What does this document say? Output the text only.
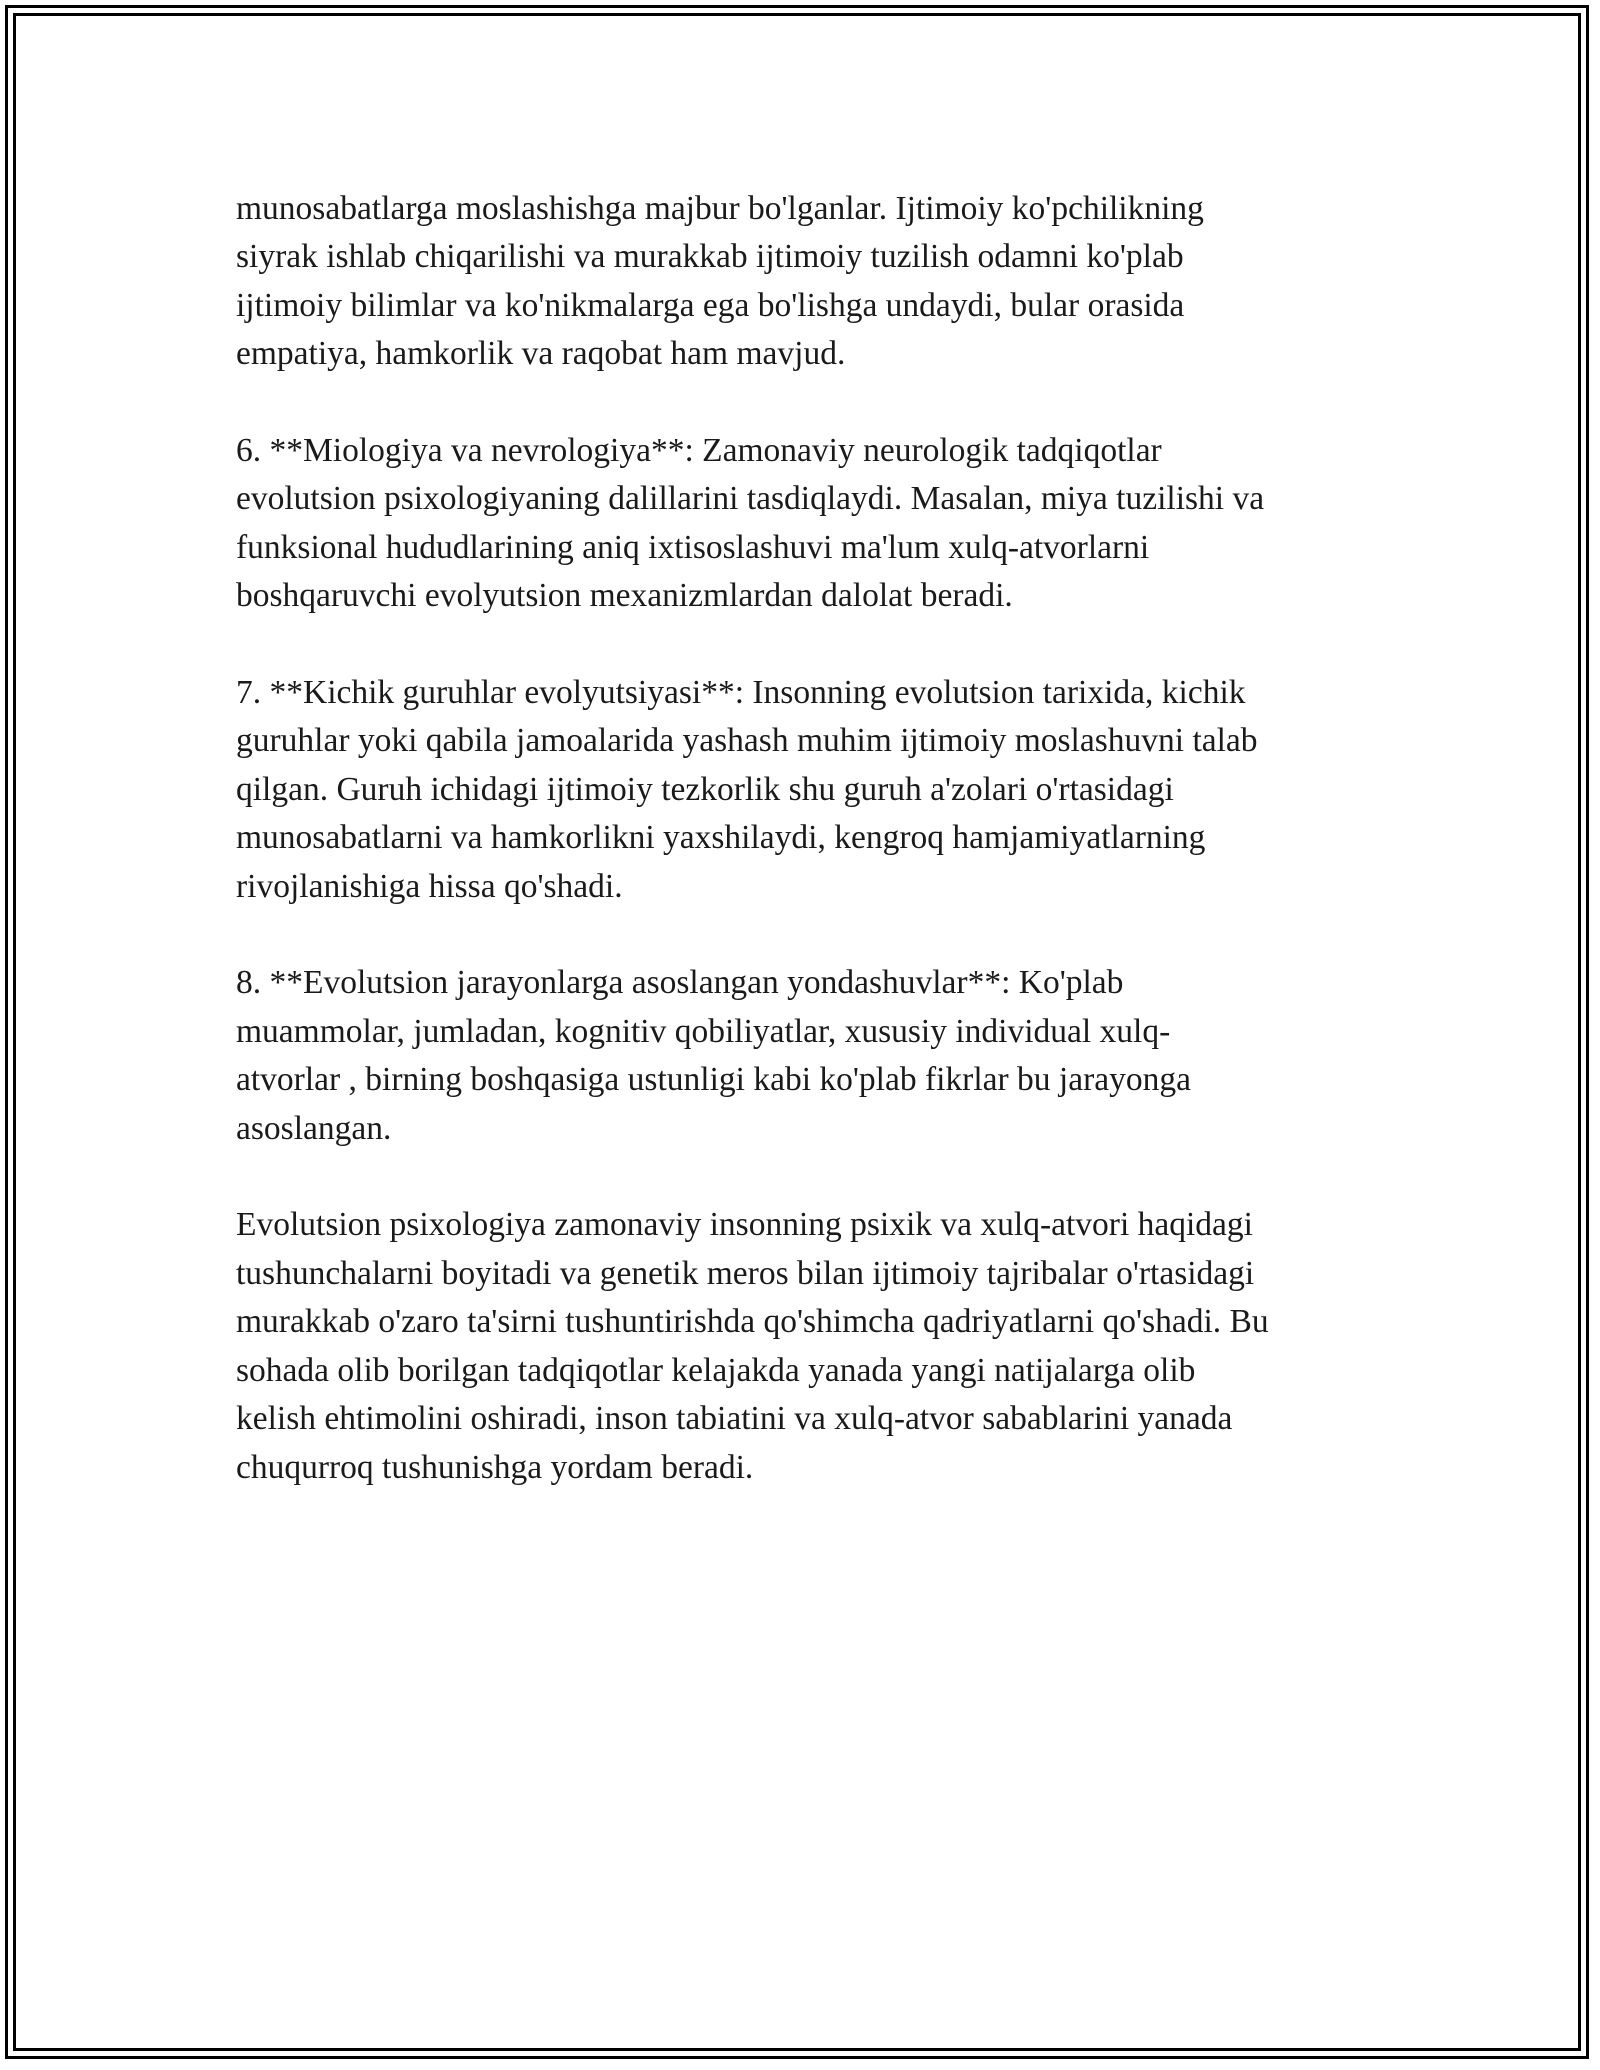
munosabatlarga moslashishga majbur bo'lganlar. Ijtimoiy ko'pchilikning
siyrak ishlab chiqarilishi va murakkab ijtimoiy tuzilish odamni ko'plab
ijtimoiy bilimlar va ko'nikmalarga ega bo'lishga undaydi, bular orasida
empatiya, hamkorlik va raqobat ham mavjud.

6. **Miologiya va nevrologiya**: Zamonaviy neurologik tadqiqotlar
evolutsion psixologiyaning dalillarini tasdiqlaydi. Masalan, miya tuzilishi va
funksional hududlarining aniq ixtisoslashuvi ma'lum xulq-atvorlarni
boshqaruvchi evolyutsion mexanizmlardan dalolat beradi.

7. **Kichik guruhlar evolyutsiyasi**: Insonning evolutsion tarixida, kichik
guruhlar yoki qabila jamoalarida yashash muhim ijtimoiy moslashuvni talab
qilgan. Guruh ichidagi ijtimoiy tezkorlik shu guruh a'zolari o'rtasidagi
munosabatlarni va hamkorlikni yaxshilaydi, kengroq hamjamiyatlarning
rivojlanishiga hissa qo'shadi.

8. **Evolutsion jarayonlarga asoslangan yondashuvlar**: Ko'plab
muammolar, jumladan, kognitiv qobiliyatlar, xususiy individual xulq-
atvorlar , birning boshqasiga ustunligi kabi ko'plab fikrlar bu jarayonga
asoslangan.

Evolutsion psixologiya zamonaviy insonning psixik va xulq-atvori haqidagi
tushunchalarni boyitadi va genetik meros bilan ijtimoiy tajribalar o'rtasidagi
murakkab o'zaro ta'sirni tushuntirishda qo'shimcha qadriyatlarni qo'shadi. Bu
sohada olib borilgan tadqiqotlar kelajakda yanada yangi natijalarga olib
kelish ehtimolini oshiradi, inson tabiatini va xulq-atvor sabablarini yanada
chuqurroq tushunishga yordam beradi.
